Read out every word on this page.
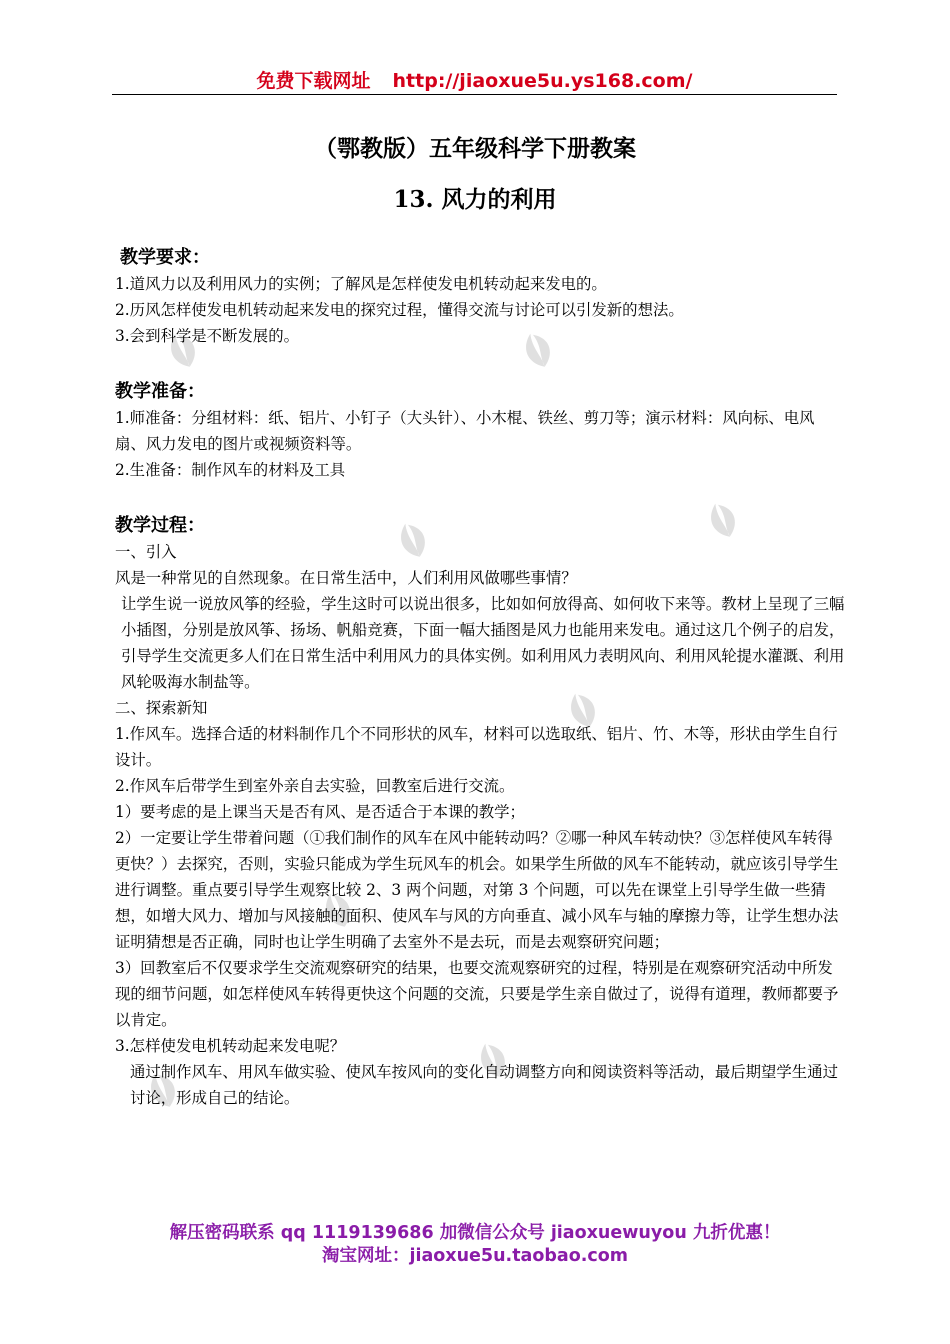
免费下载网址 http://jiaoxue5u.ys168.com/
（鄂教版）五年级科学下册教案
13. 风力的利用

教学要求：

1.道风力以及利用风力的实例；了解风是怎样使发电机转动起来发电的。

2.历风怎样使发电机转动起来发电的探究过程，懂得交流与讨论可以引发新的想法。

3.会到科学是不断发展的。

教学准备：

1.师准备：分组材料：纸、铝片、小钉子（大头针）、小木棍、铁丝、剪刀等；演示材料：风向标、电风扇、风力发电的图片或视频资料等。

2.生准备：制作风车的材料及工具

教学过程：

一、引入

风是一种常见的自然现象。在日常生活中，人们利用风做哪些事情？

让学生说一说放风筝的经验，学生这时可以说出很多，比如如何放得高、如何收下来等。教材上呈现了三幅小插图，分别是放风筝、扬场、帆船竞赛，下面一幅大插图是风力也能用来发电。通过这几个例子的启发，引导学生交流更多人们在日常生活中利用风力的具体实例。如利用风力表明风向、利用风轮提水灌溉、利用风轮吸海水制盐等。

二、探索新知

1.作风车。选择合适的材料制作几个不同形状的风车，材料可以选取纸、铝片、竹、木等，形状由学生自行设计。

2.作风车后带学生到室外亲自去实验，回教室后进行交流。

1）要考虑的是上课当天是否有风、是否适合于本课的教学；

2）一定要让学生带着问题（①我们制作的风车在风中能转动吗？②哪一种风车转动快？③怎样使风车转得更快？）去探究，否则，实验只能成为学生玩风车的机会。如果学生所做的风车不能转动，就应该引导学生进行调整。重点要引导学生观察比较 2、3 两个问题，对第 3 个问题，可以先在课堂上引导学生做一些猜想，如增大风力、增加与风接触的面积、使风车与风的方向垂直、减小风车与轴的摩擦力等，让学生想办法证明猜想是否正确，同时也让学生明确了去室外不是去玩，而是去观察研究问题；

3）回教室后不仅要求学生交流观察研究的结果，也要交流观察研究的过程，特别是在观察研究活动中所发现的细节问题，如怎样使风车转得更快这个问题的交流，只要是学生亲自做过了，说得有道理，教师都要予以肯定。

3.怎样使发电机转动起来发电呢？

通过制作风车、用风车做实验、使风车按风向的变化自动调整方向和阅读资料等活动，最后期望学生通过讨论，形成自己的结论。

解压密码联系 qq 1119139686 加微信公众号 jiaoxuewuyou 九折优惠！
淘宝网址：jiaoxue5u.taobao.com
